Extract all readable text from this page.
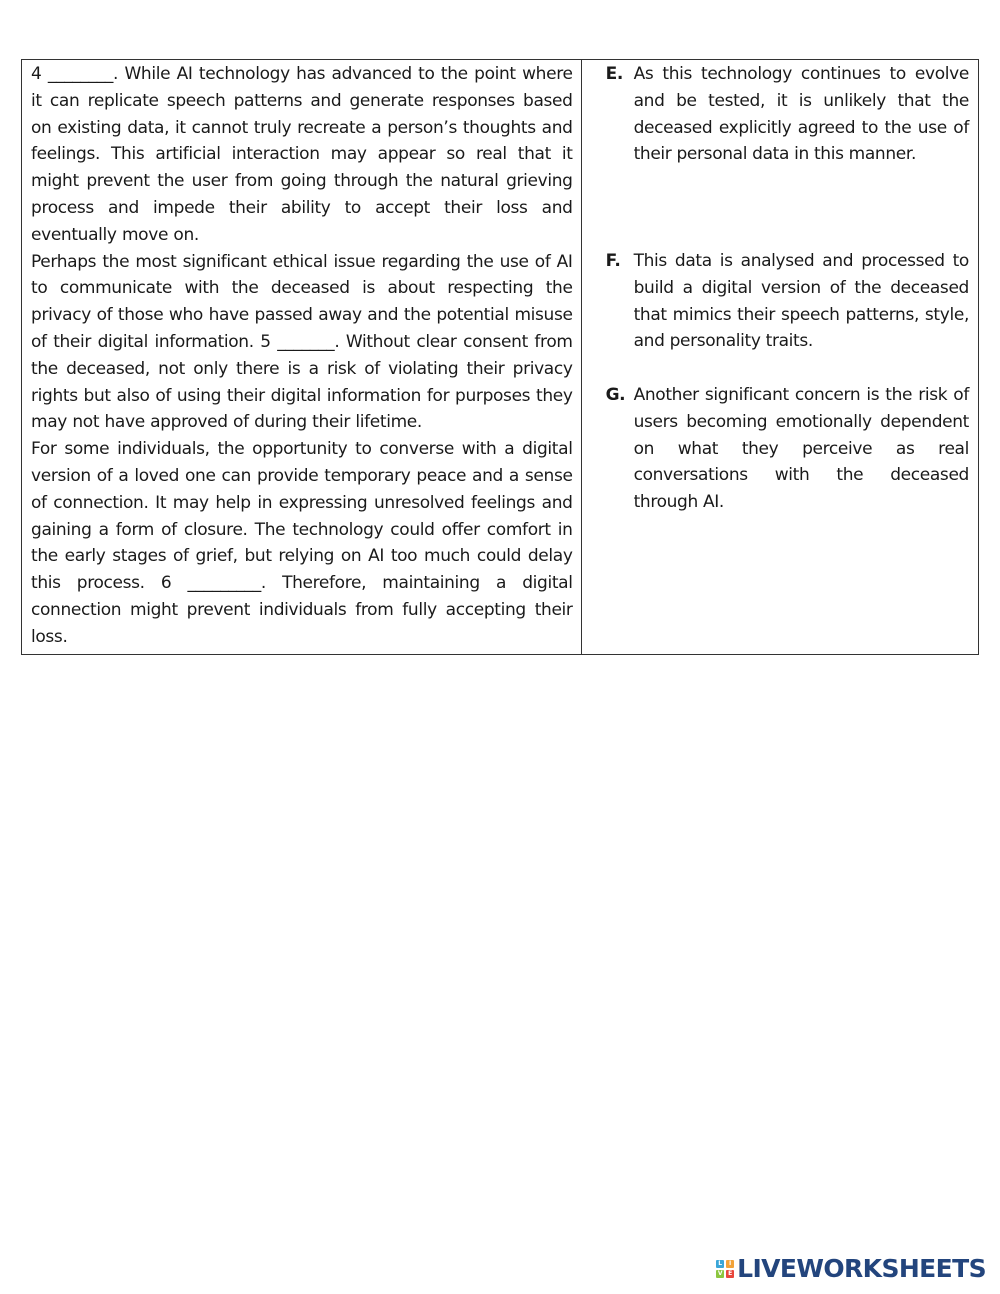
4 ________. While AI technology has advanced to the point where it can replicate speech patterns and generate responses based on existing data, it cannot truly recreate a person’s thoughts and feelings. This artificial interaction may appear so real that it might prevent the user from going through the natural grieving process and impede their ability to accept their loss and eventually move on.

Perhaps the most significant ethical issue regarding the use of AI to communicate with the deceased is about respecting the privacy of those who have passed away and the potential misuse of their digital information. 5 _______. Without clear consent from the deceased, not only there is a risk of violating their privacy rights but also of using their digital information for purposes they may not have approved of during their lifetime.

For some individuals, the opportunity to converse with a digital version of a loved one can provide temporary peace and a sense of connection. It may help in expressing unresolved feelings and gaining a form of closure. The technology could offer comfort in the early stages of grief, but relying on AI too much could delay this process. 6 _________. Therefore, maintaining a digital connection might prevent individuals from fully accepting their loss.

E. As this technology continues to evolve and be tested, it is unlikely that the deceased explicitly agreed to the use of their personal data in this manner.
F. This data is analysed and processed to build a digital version of the deceased that mimics their speech patterns, style, and personality traits.
G. Another significant concern is the risk of users becoming emotionally dependent on what they perceive as real conversations with the deceased through AI.
L	I
V E LIVEWORKSHEETS
